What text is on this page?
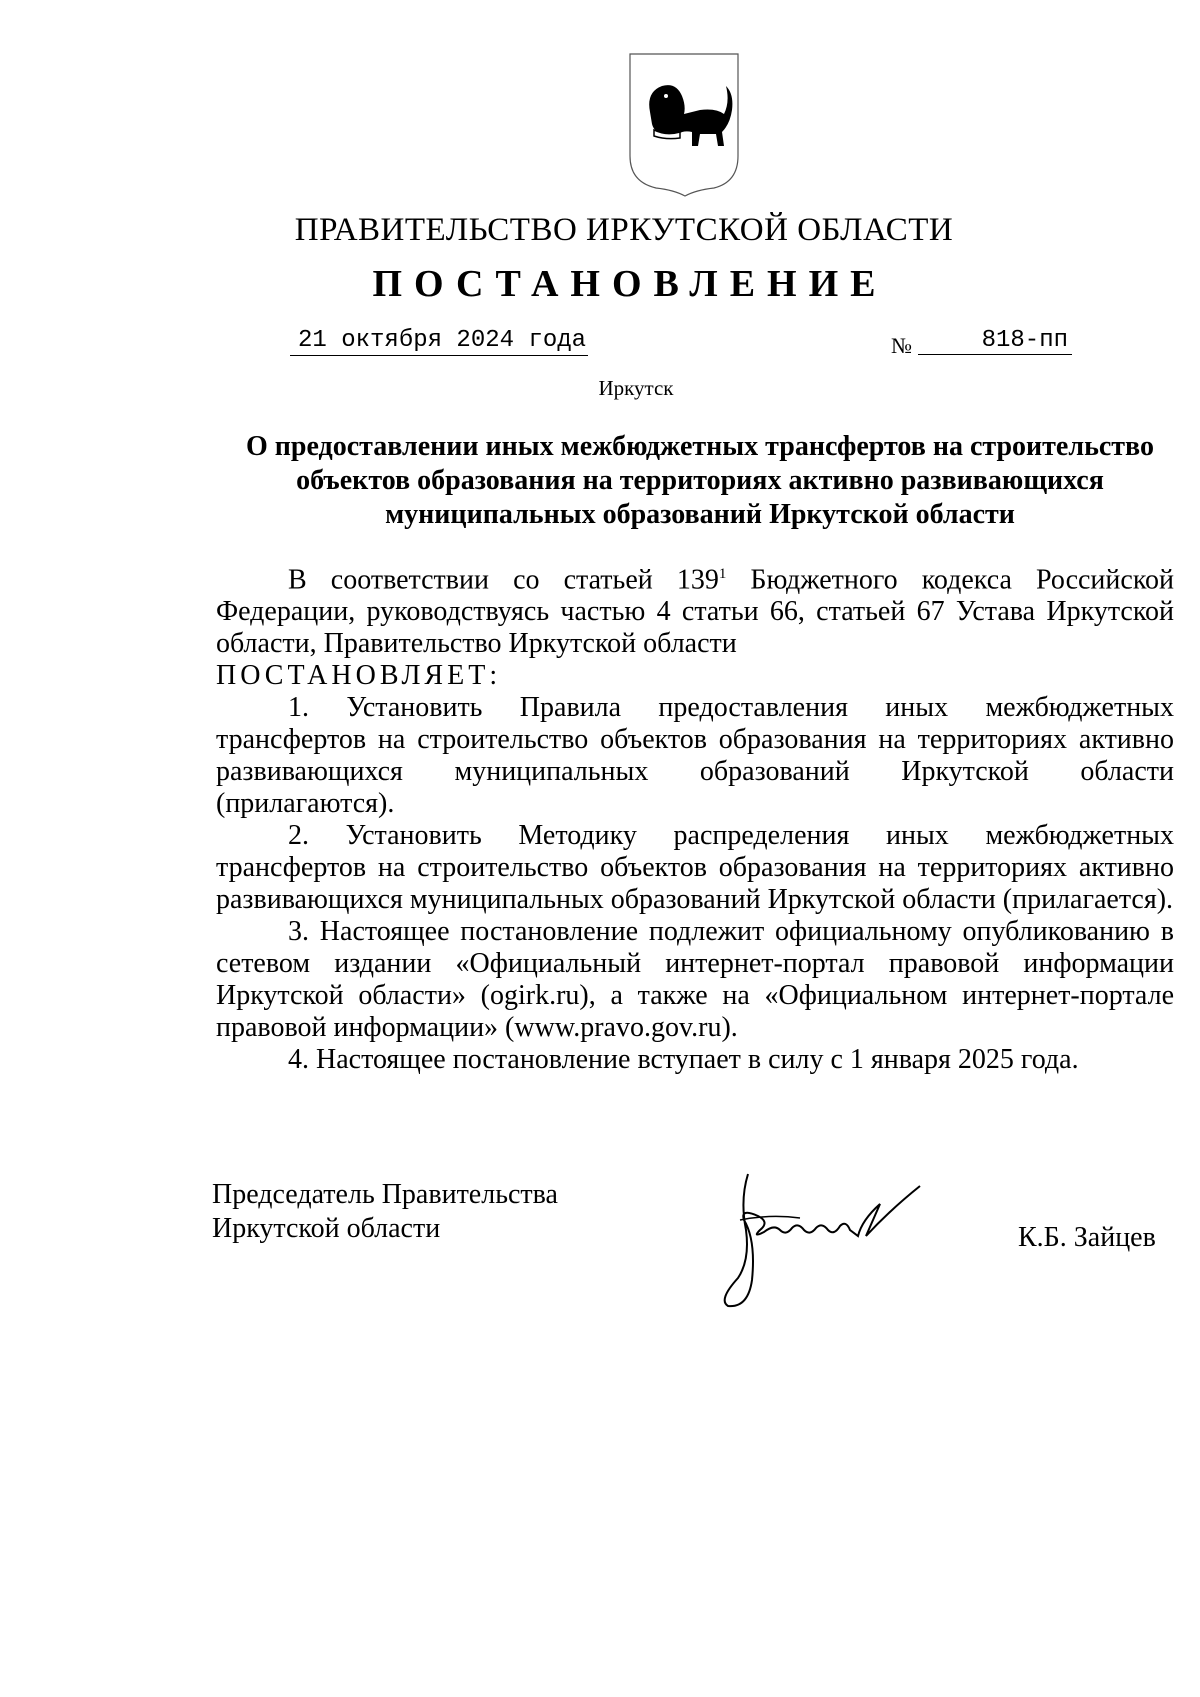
ПРАВИТЕЛЬСТВО ИРКУТСКОЙ ОБЛАСТИ
ПОСТАНОВЛЕНИЕ
21 октября 2024 года	№	818-пп
Иркутск
О предоставлении иных межбюджетных трансфертов на строительство объектов образования на территориях активно развивающихся муниципальных образований Иркутской области

В соответствии со статьей $139^1$ Бюджетного кодекса Российской Федерации, руководствуясь частью 4 статьи 66, статьей 67 Устава Иркутской области, Правительство Иркутской области

ПОСТАНОВЛЯЕТ:

1. Установить Правила предоставления иных межбюджетных трансфертов на строительство объектов образования на территориях активно развивающихся муниципальных образований Иркутской области (прилагаются).

2. Установить Методику распределения иных межбюджетных трансфертов на строительство объектов образования на территориях активно развивающихся муниципальных образований Иркутской области (прилагается).

3. Настоящее постановление подлежит официальному опубликованию в сетевом издании «Официальный интернет-портал правовой информации Иркутской области» (ogirk.ru), а также на «Официальном интернет-портале правовой информации» (www.pravo.gov.ru).

4. Настоящее постановление вступает в силу с 1 января 2025 года.

Председатель Правительства
Иркутской области	К.Б. Зайцев
